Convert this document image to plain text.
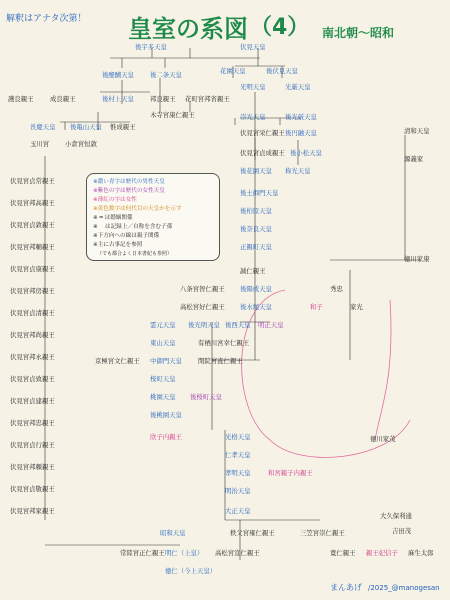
解釈はアナタ次第！ 皇室の系図 （4） 南北朝〜昭和
後宇多天皇	伏見天皇
後醍醐天皇	後二条天皇	花園天皇	後伏見天皇
後村上天皇	邦良親王 花町宮邦省親王
光明天皇	光厳天皇
護良親王	成良親王
木寺宮康仁親王
長慶天皇 後亀山天皇 惟成親王
玉川宮 小倉宮恒敦
崇光天皇	後光厳天皇
伏見宮栄仁親王 後円融天皇
伏見宮貞成親王 後小松天皇
後花園天皇 称光天皇
後土御門天皇
後柏原天皇
後奈良天皇
正親町天皇
誠仁親王
八条宮智仁親王 後陽成天皇
高松宮好仁親王 後水尾天皇
霊元天皇 後光明天皇 後西天皇 明正天皇
東山天皇	有栖川宮幸仁親王
中御門天皇	閑院宮直仁親王
京極宮文仁親王
桜町天皇
桃園天皇 後桜町天皇
後桃園天皇
欣子内親王	光格天皇
仁孝天皇
孝明天皇	和宮親子内親王
明治天皇
大正天皇
昭和天皇	秩父宮雍仁親王	三笠宮崇仁親王
常陸宮正仁親王 明仁（上皇） 高松宮宣仁親王
徳仁（今上天皇）
寛仁親王 親王妃信子 麻生太郎
大久保利通
吉田茂
清和天皇
源義家
徳川家康
秀忠
家光
和子
徳川家茂
伏見宮貞常親王
伏見宮邦高親王
伏見宮貞敦親王
伏見宮邦輔親王
伏見宮貞康親王
伏見宮邦房親王
伏見宮貞清親王
伏見宮邦尚親王
伏見宮邦永親王
伏見宮貞致親王
伏見宮貞建親王
伏見宮邦忠親王
伏見宮貞行親王
伏見宮邦頼親王
伏見宮貞敬親王
伏見宮邦家親王
※濃い青字は歴代の男性天皇
※紫色の字は歴代の女性天皇
※薄紅の字は女性
※黄色数字は何代目の天皇かを示す
※ ═ は婚姻関係
※　 は記録上／自称を含む子孫
※下方向への線は親子関係
※主に古事記を参照
（でも都合よく日本書紀も参照）
まんあげ /2025_@manogesan
